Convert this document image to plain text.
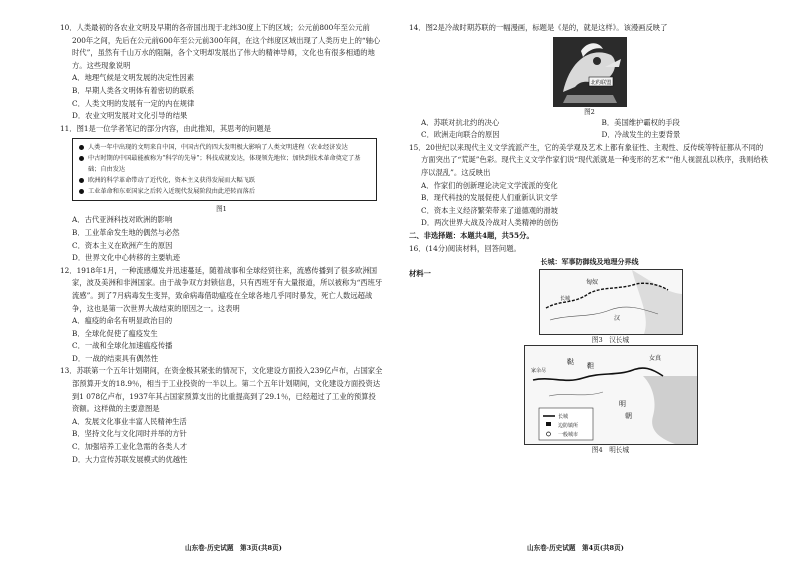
10．人类最初的各农业文明及早期的各帝国出现于北纬30度上下的区域；公元前800年至公元前200年之间，先后在公元前600年至公元前300年间，在这个纬度区域出现了人类历史上的“轴心时代”，虽然有千山万水的阻隔，各个文明却发展出了伟大的精神导师，文化也有很多相通的地方。这些现象说明

A．地理气候是文明发展的决定性因素

B．早期人类各文明体有着密切的联系

C．人类文明的发展有一定的内在规律

D．农业文明发展对文化引导的结果

11．图1是一位学者笔记的部分内容，由此推知，其思考的问题是

人类一年中出现的文明来自中国，中国古代的四大发明极大影响了人类文明进程（农业经济发达
中古时期的中国最能被称为“科学的先导”；科技成就发达，体现领先地位；加快到技术革命奠定了基础；自由发达
欧洲的科学革命带动了近代化，资本主义获得发展而大幅飞跃
工业革命和东亚国家之后转入近现代发展阶段由此逆转而落后
图1

A．古代亚洲科技对欧洲的影响

B．工业革命发生地的偶然与必然

C．资本主义在欧洲产生的原因

D．世界文化中心转移的主要轨迹

12．1918年1月，一种流感爆发并迅速蔓延，随着战事和全球经贸往来，流感传播到了很多欧洲国家，波及美洲和非洲国家。由于战争双方封锁信息，只有西班牙有大量报道，所以被称为“西班牙流感”。到了7月病毒发生变异，致命病毒借助瘟疫在全球各地几乎同时暴发，死亡人数远超战争，这也是第一次世界大战结束的原因之一。这表明

A．瘟疫的命名有明显政治目的

B．全球化促使了瘟疫发生

C．一战和全球化加速瘟疫传播

D．一战的结束具有偶然性

13．苏联第一个五年计划期间，在资金极其紧张的情况下，文化建设方面投入239亿卢布，占国家全部预算开支的18.9％，相当于工业投资的一半以上。第二个五年计划期间，文化建设方面投资达到1 078亿卢布，1937年其占国家预算支出的比重提高到了29.1％，已经超过了工业的预算投资额。这样做的主要意图是

A．发展文化事业丰富人民精神生活

B．坚持文化与文化同时并举的方针

C．加强培养工业化急需的各类人才

D．大力宣传苏联发展模式的优越性

山东卷·历史试题　第3页(共8页)

14．图2是冷战时期苏联的一幅漫画，标题是《是的，就是这样》。该漫画反映了

北约联盟
图2
A．苏联对抗北约的决心	B．美国维护霸权的手段
C．欧洲走向联合的原因	D．冷战发生的主要背景

15．20世纪以来现代主义文学流派产生，它的美学观及艺术上都有象征性、主观性、反传统等特征都从不同的方面突出了“荒诞”色彩。现代主义文学作家们说“现代派就是一种变形的艺术”“他人视混乱以秩序，我则给秩序以混乱”。这反映出

A．作家们的创新理论决定文学流派的变化

B．现代科技的发展促使人们重新认识文学

C．资本主义经济繁荣带来了道德观的滑坡

D．两次世界大战及冷战对人类精神的创伤

二、非选择题：本题共4题，共55分。

16．(14分)阅读材料，回答问题。

长城：军事防御线及地理分界线
材料一
匈奴
长城
汉
图3　汉长城
鞑 靼
女真
明
朝
家余尽
长城
边防镇所
一般城市
图4　明长城
山东卷·历史试题　第4页(共8页)
